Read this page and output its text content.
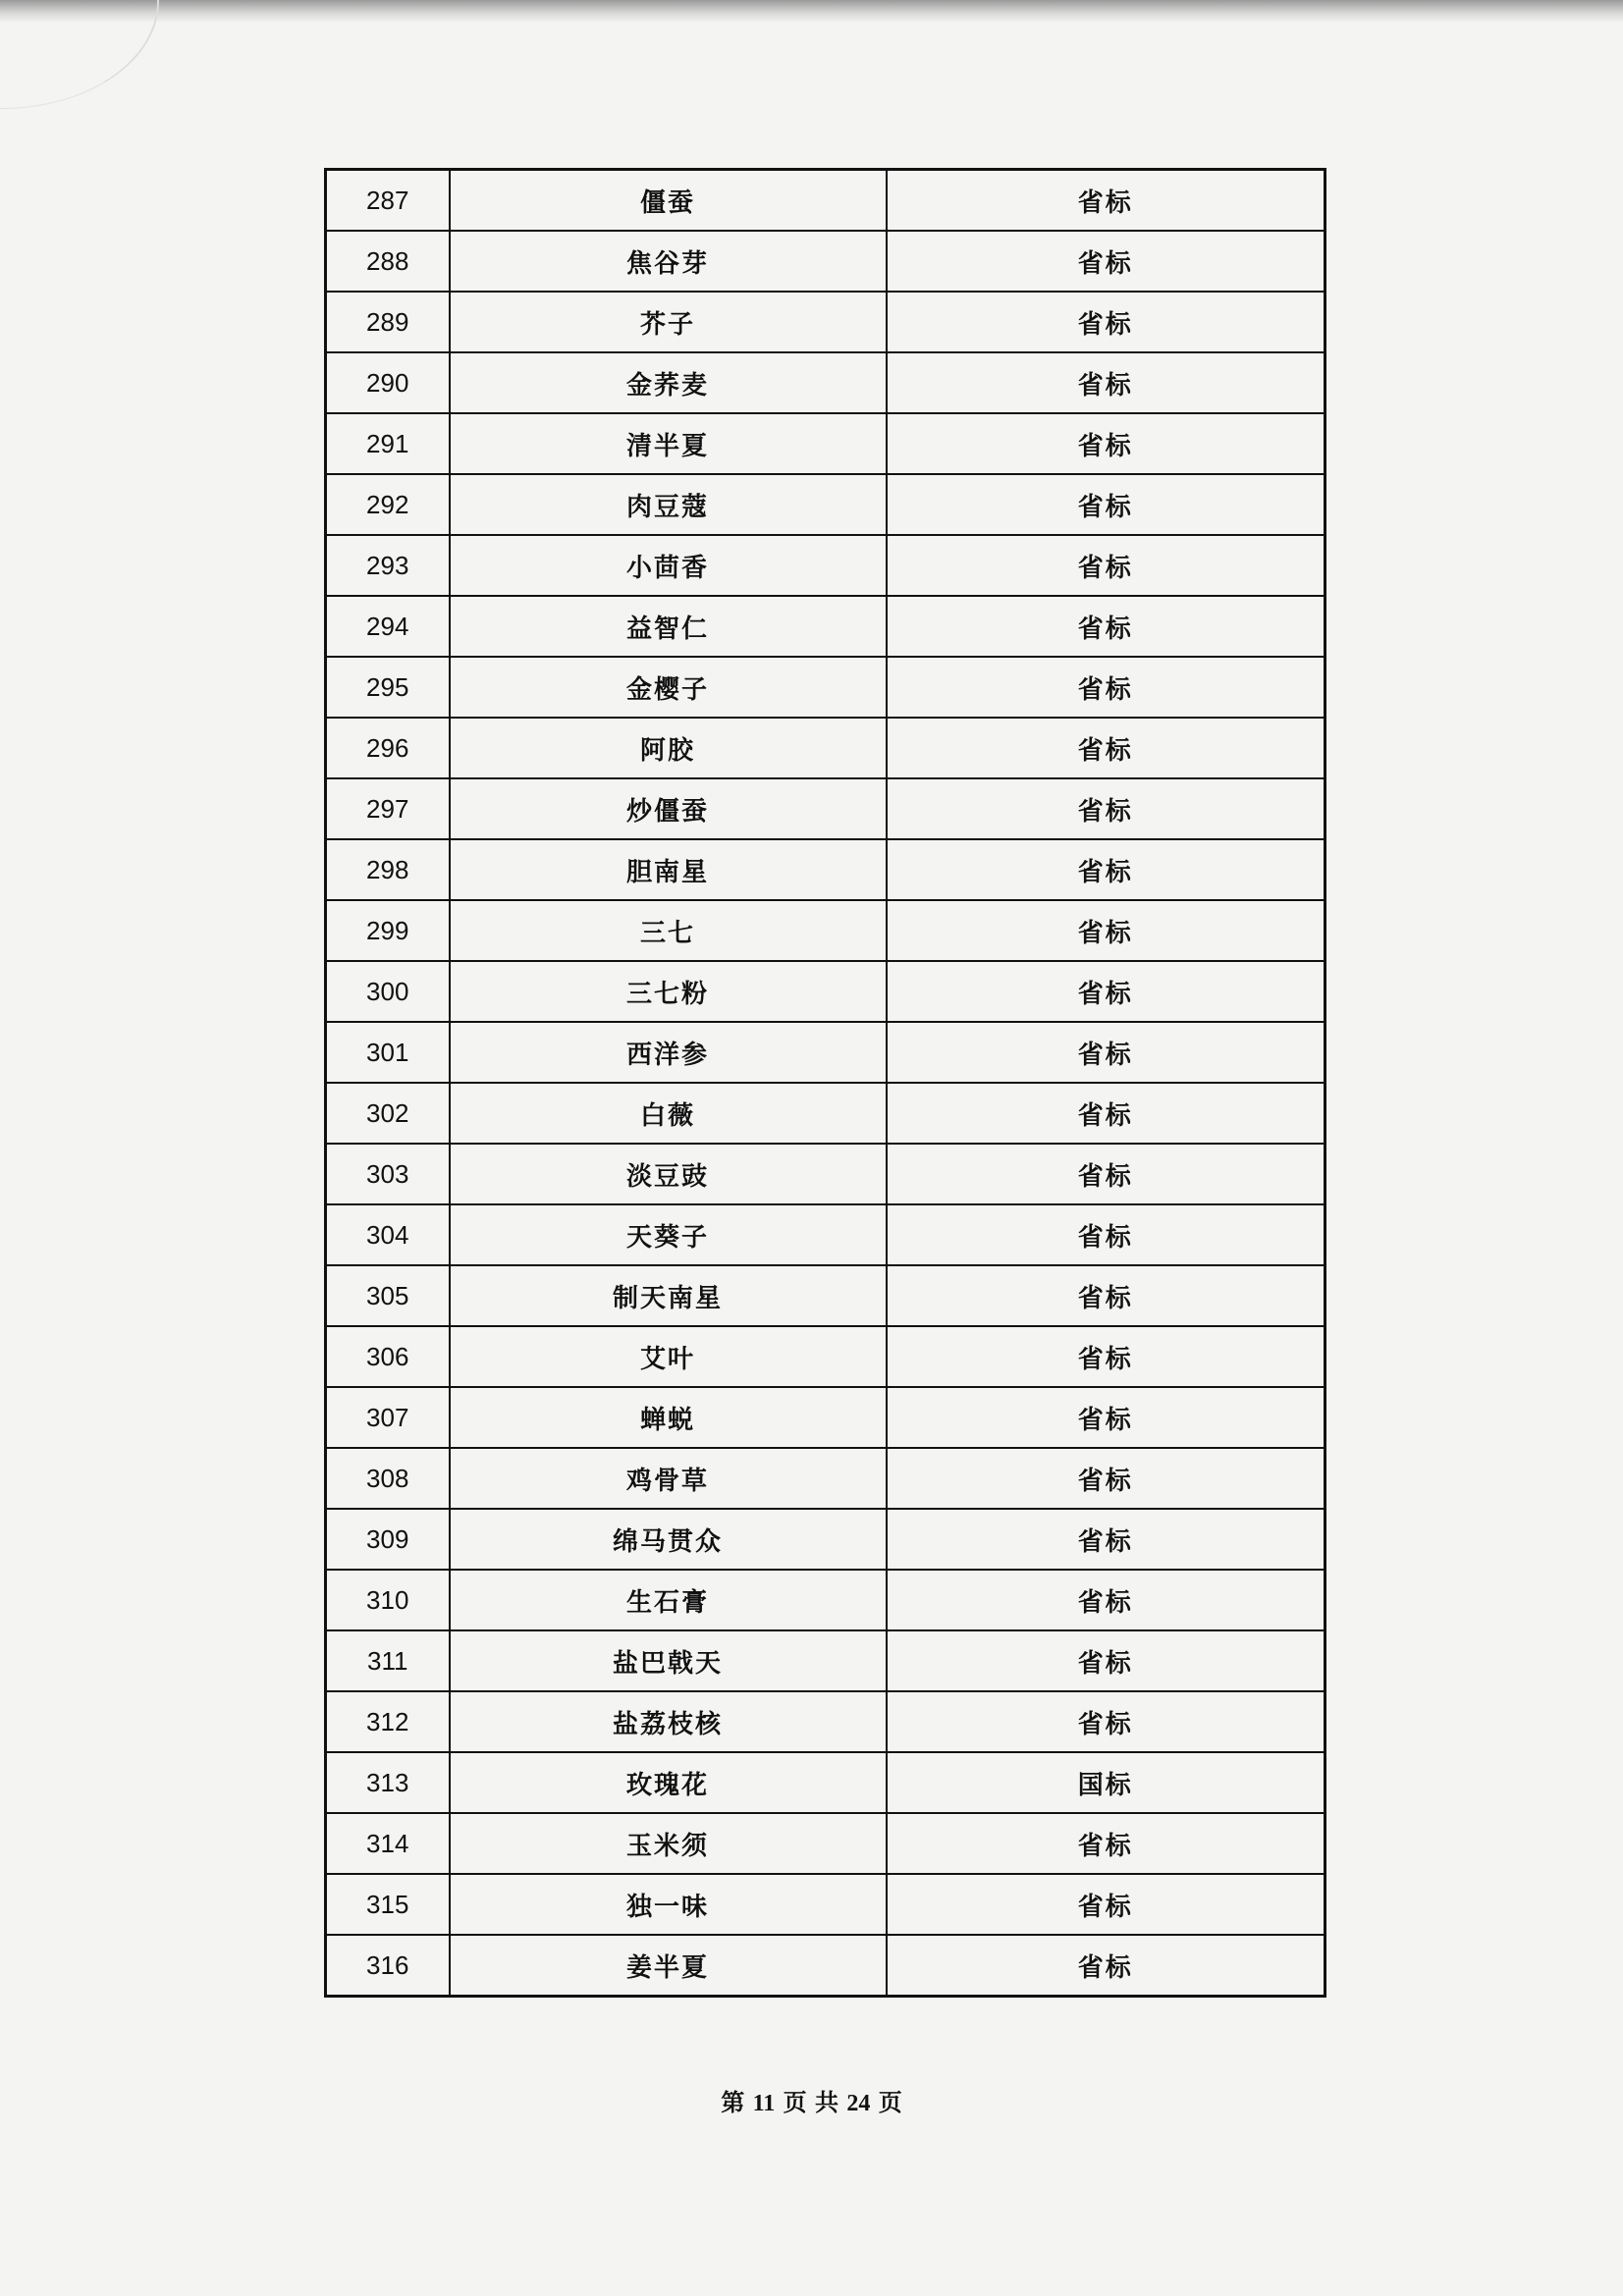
287	僵蚕	省标
288	焦谷芽	省标
289	芥子	省标
290	金荞麦	省标
291	清半夏	省标
292	肉豆蔻	省标
293	小茴香	省标
294	益智仁	省标
295	金樱子	省标
296	阿胶	省标
297	炒僵蚕	省标
298	胆南星	省标
299	三七	省标
300	三七粉	省标
301	西洋参	省标
302	白薇	省标
303	淡豆豉	省标
304	天葵子	省标
305	制天南星	省标
306	艾叶	省标
307	蝉蜕	省标
308	鸡骨草	省标
309	绵马贯众	省标
310	生石膏	省标
311	盐巴戟天	省标
312	盐荔枝核	省标
313	玫瑰花	国标
314	玉米须	省标
315	独一味	省标
316	姜半夏	省标
第 11 页 共 24 页
